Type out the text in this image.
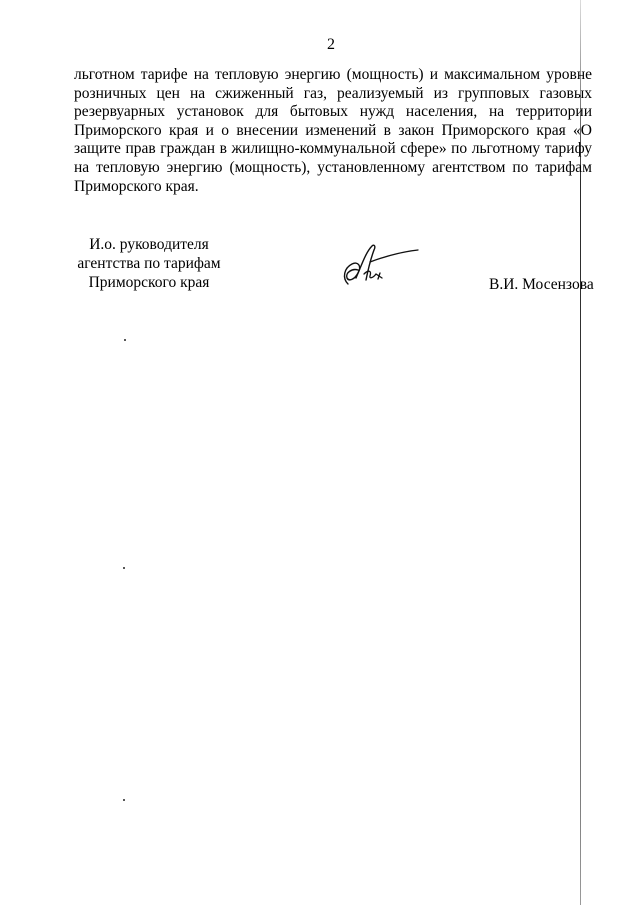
2

льготном тарифе на тепловую энергию (мощность) и максимальном уровне розничных цен на сжиженный газ, реализуемый из групповых газовых резервуарных установок для бытовых нужд населения, на территории Приморского края и о внесении изменений в закон Приморского края «О защите прав граждан в жилищно-коммунальной сфере» по льготному тарифу на тепловую энергию (мощность), установленному агентством по тарифам Приморского края.

И.о. руководителя
агентства по тарифам
Приморского края	В.И. Мосензова
